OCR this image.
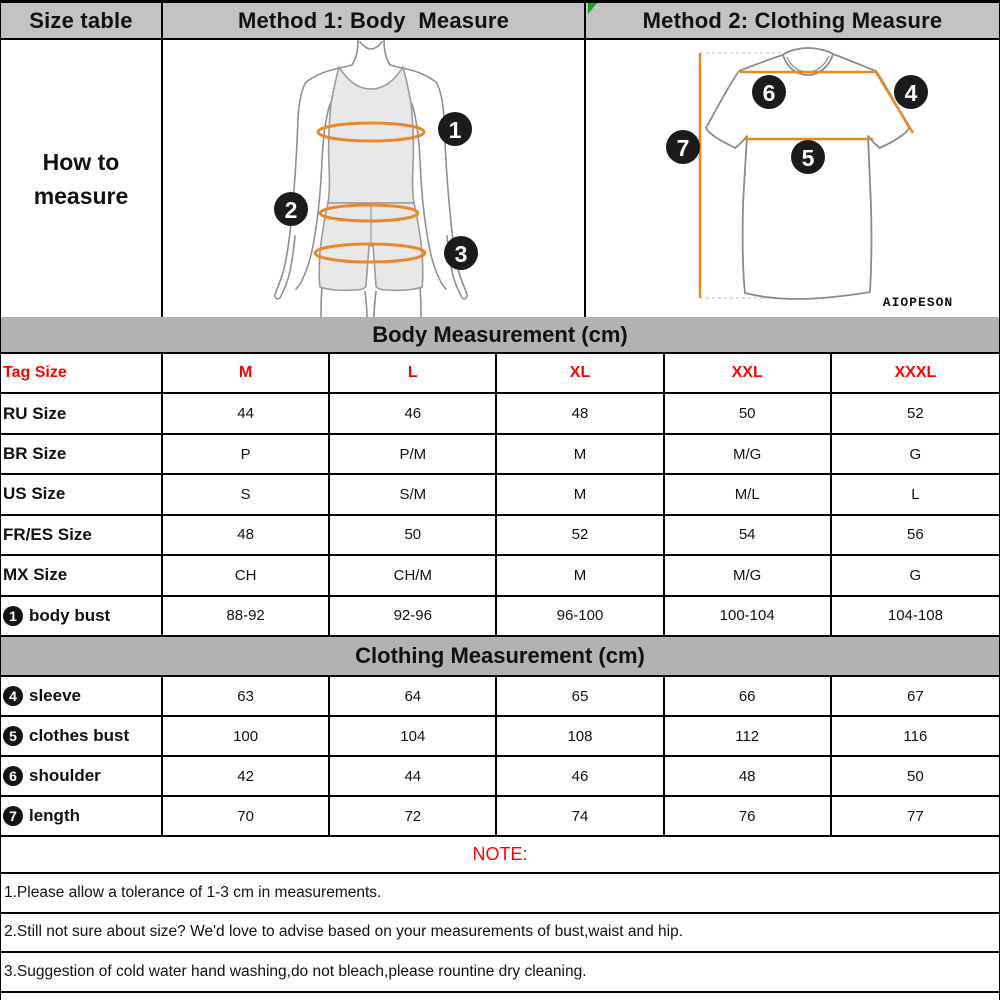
Size table	Method 1: Body  Measure	Method 2: Clothing Measure
How to
measure
1
2
3
4
5
6
7
AIOPESON
Body Measurement (cm)
Tag Size	M	L	XL	XXL	XXXL
RU Size	44	46	48	50	52
BR Size	P	P/M	M	M/G	G
US Size	S	S/M	M	M/L	L
FR/ES Size	48	50	52	54	56
MX Size	CH	CH/M	M	M/G	G
1 body bust	88-92	92-96	96-100	100-104	104-108
Clothing Measurement (cm)
4 sleeve	63	64	65	66	67
5 clothes bust	100	104	108	112	116
6 shoulder	42	44	46	48	50
7 length	70	72	74	76	77
NOTE:
1.Please allow a tolerance of 1-3 cm in measurements.
2.Still not sure about size? We'd love to advise based on your measurements of bust,waist and hip.
3.Suggestion of cold water hand washing,do not bleach,please rountine dry cleaning.
